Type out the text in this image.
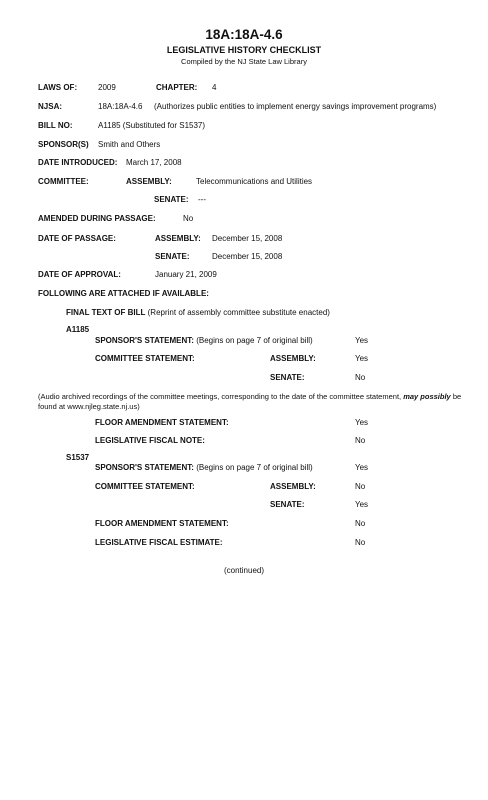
18A:18A-4.6
LEGISLATIVE HISTORY CHECKLIST
Compiled by the NJ State Law Library
LAWS OF:	2009	CHAPTER: 4
NJSA:	18A:18A-4.6 (Authorizes public entities to implement energy savings improvement programs)
BILL NO:	A1185 (Substituted for S1537)
SPONSOR(S) Smith and Others
DATE INTRODUCED: March 17, 2008
COMMITTEE:	ASSEMBLY:	Telecommunications and Utilities
SENATE: ---
AMENDED DURING PASSAGE:	No
DATE OF PASSAGE:	ASSEMBLY: December 15, 2008
SENATE:	December 15, 2008
DATE OF APPROVAL:	January 21, 2009
FOLLOWING ARE ATTACHED IF AVAILABLE:
FINAL TEXT OF BILL (Reprint of assembly committee substitute enacted)
A1185
SPONSOR'S STATEMENT: (Begins on page 7 of original bill)	Yes
COMMITTEE STATEMENT:	ASSEMBLY:	Yes
SENATE:	No
(Audio archived recordings of the committee meetings, corresponding to the date of the committee statement, may possibly be found at www.njleg.state.nj.us)
FLOOR AMENDMENT STATEMENT:	Yes
LEGISLATIVE FISCAL NOTE:	No
S1537
SPONSOR'S STATEMENT: (Begins on page 7 of original bill)	Yes
COMMITTEE STATEMENT:	ASSEMBLY:	No
SENATE:	Yes
FLOOR AMENDMENT STATEMENT:	No
LEGISLATIVE FISCAL ESTIMATE:	No
(continued)
